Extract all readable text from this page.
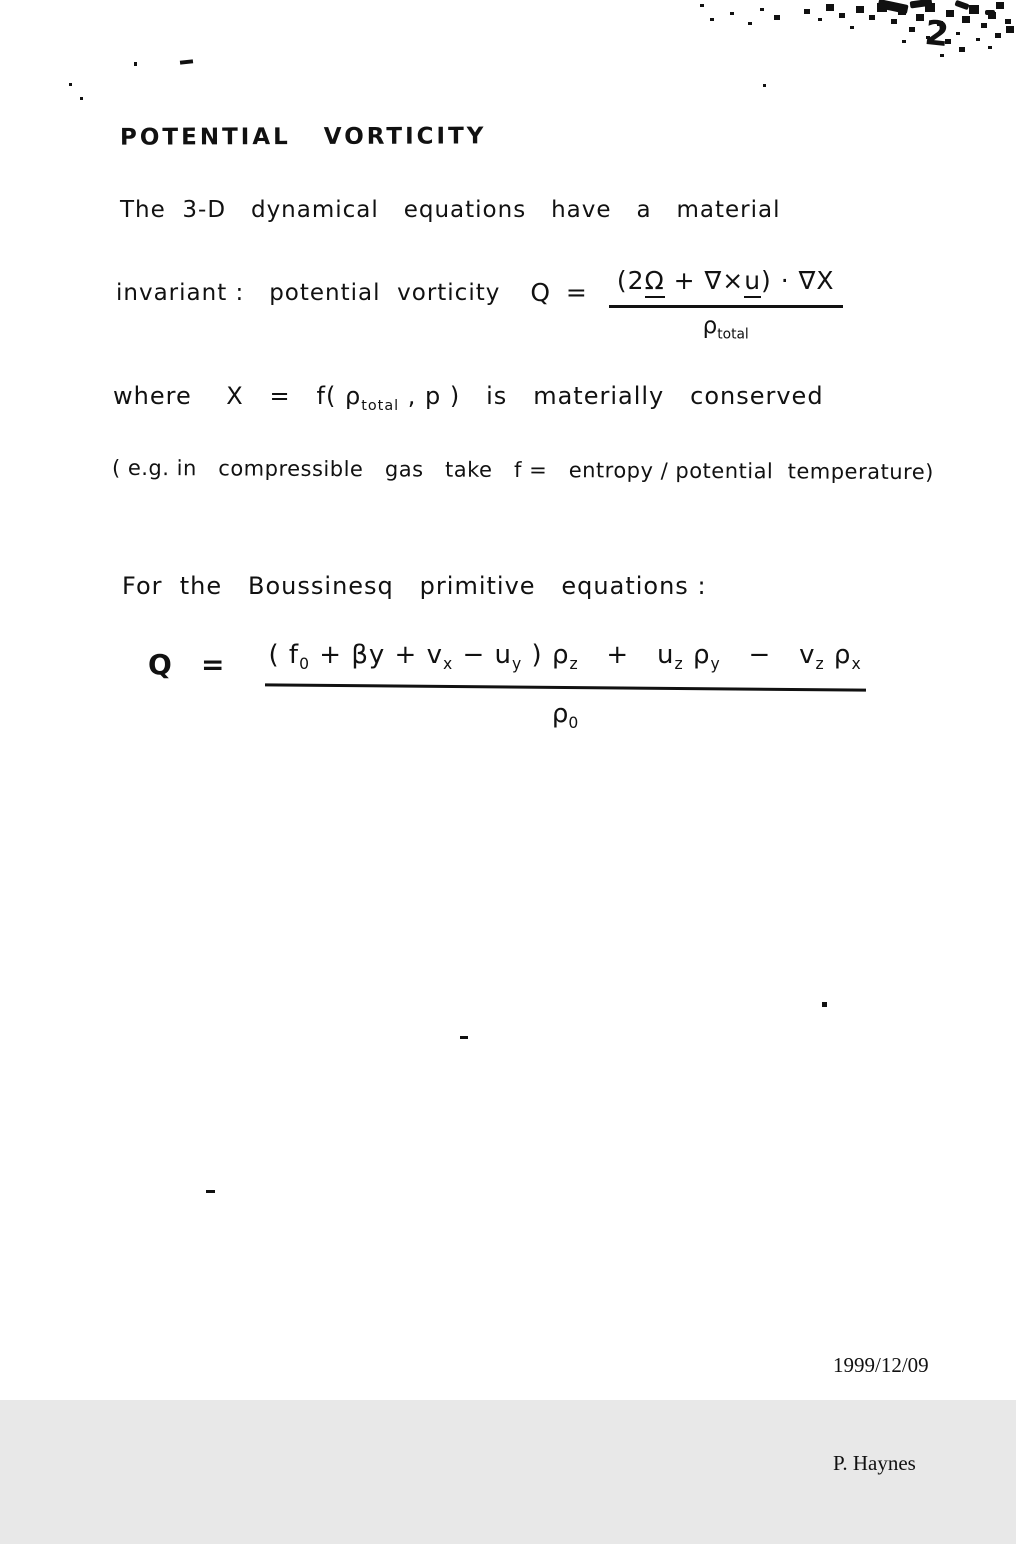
2
POTENTIAL   VORTICITY
The  3-D   dynamical   equations   have   a   material
invariant :   potential  vorticity $Q = \frac{(2\Omega + \nabla\times u) \cdot \nabla X}{\rho_{total}}$
where    X   =   f( $\rho_{total}$ , p )   is   materially   conserved
( e.g. in   compressible   gas   take   f =   entropy / potential  temperature)
For  the   Boussinesq   primitive   equations :
Q   = ( $f_0 + \beta y + v_x - u_y$ ) $\rho_z + u_z$ $\rho_y - v_z$ $\rho_x$
$\rho_0$

1999/12/09

P. Haynes
